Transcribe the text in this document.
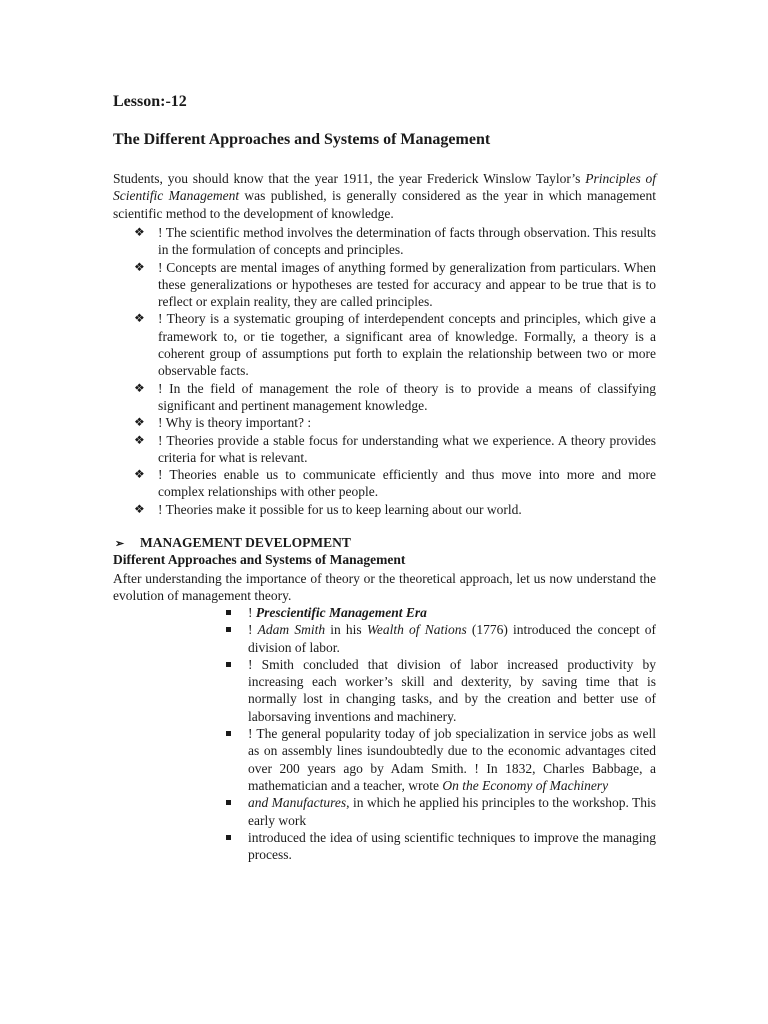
Lesson:-12

The Different Approaches and Systems of Management

Students, you should know that the year 1911, the year Frederick Winslow Taylor’s Principles of Scientific Management was published, is generally considered as the year in which management scientific method to the development of knowledge.

❖ ! The scientific method involves the determination of facts through observation. This results in the formulation of concepts and principles.
❖ ! Concepts are mental images of anything formed by generalization from particulars. When these generalizations or hypotheses are tested for accuracy and appear to be true that is to reflect or explain reality, they are called principles.
❖ ! Theory is a systematic grouping of interdependent concepts and principles, which give a framework to, or tie together, a significant area of knowledge. Formally, a theory is a coherent group of assumptions put forth to explain the relationship between two or more observable facts.
❖ ! In the field of management the role of theory is to provide a means of classifying significant and pertinent management knowledge.
❖ ! Why is theory important? :
❖ ! Theories provide a stable focus for understanding what we experience. A theory provides criteria for what is relevant.
❖ ! Theories enable us to communicate efficiently and thus move into more and more complex relationships with other people.
❖ ! Theories make it possible for us to keep learning about our world.

➢ MANAGEMENT DEVELOPMENT

Different Approaches and Systems of Management

After understanding the importance of theory or the theoretical approach, let us now understand the evolution of management theory.

! Prescientific Management Era
! Adam Smith in his Wealth of Nations (1776) introduced the concept of division of labor.
! Smith concluded that division of labor increased productivity by increasing each worker’s skill and dexterity, by saving time that is normally lost in changing tasks, and by the creation and better use of laborsaving inventions and machinery.
! The general popularity today of job specialization in service jobs as well as on assembly lines isundoubtedly due to the economic advantages cited over 200 years ago by Adam Smith. ! In 1832, Charles Babbage, a mathematician and a teacher, wrote On the Economy of Machinery
and Manufactures, in which he applied his principles to the workshop. This early work
introduced the idea of using scientific techniques to improve the managing process.
